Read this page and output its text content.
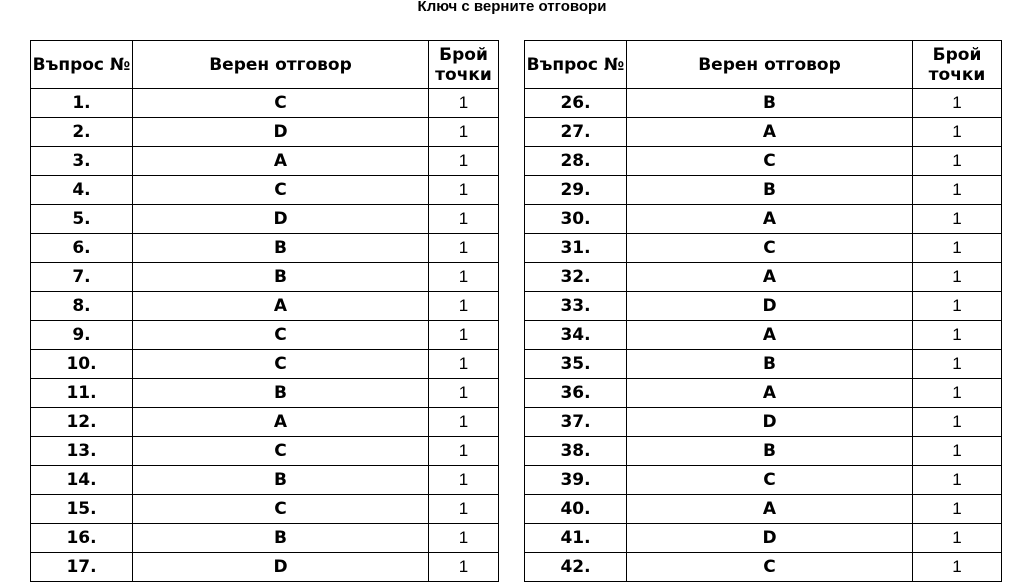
Ключ с верните отговори
Въпрос №	Верен отговор	Брой точки
1.	C	1
2.	D	1
3.	A	1
4.	C	1
5.	D	1
6.	B	1
7.	B	1
8.	A	1
9.	C	1
10.	C	1
11.	B	1
12.	A	1
13.	C	1
14.	B	1
15.	C	1
16.	B	1
17.	D	1
Въпрос №	Верен отговор	Брой точки
26.	B	1
27.	A	1
28.	C	1
29.	B	1
30.	A	1
31.	C	1
32.	A	1
33.	D	1
34.	A	1
35.	B	1
36.	A	1
37.	D	1
38.	B	1
39.	C	1
40.	A	1
41.	D	1
42.	C	1
